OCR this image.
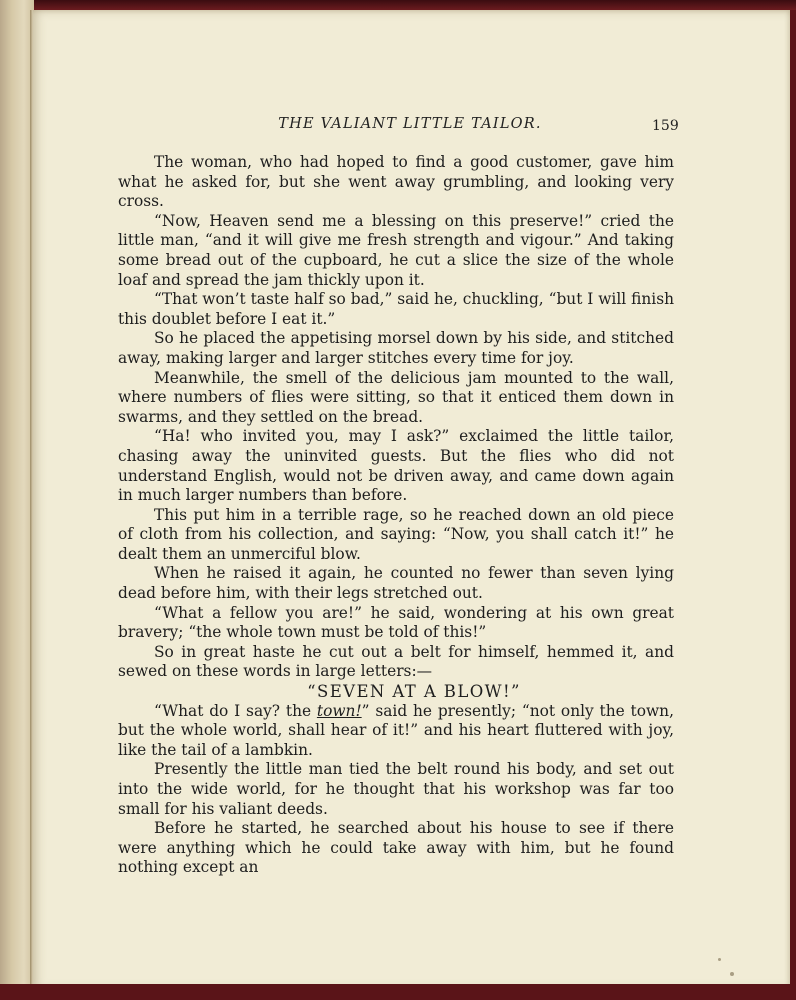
THE VALIANT LITTLE TAILOR.	159

The woman, who had hoped to find a good customer, gave him what he asked for, but she went away grumbling, and looking very cross.

“Now, Heaven send me a blessing on this preserve!” cried the little man, “and it will give me fresh strength and vigour.” And taking some bread out of the cupboard, he cut a slice the size of the whole loaf and spread the jam thickly upon it.

“That won’t taste half so bad,” said he, chuckling, “but I will finish this doublet before I eat it.”

So he placed the appetising morsel down by his side, and stitched away, making larger and larger stitches every time for joy.

Meanwhile, the smell of the delicious jam mounted to the wall, where numbers of flies were sitting, so that it enticed them down in swarms, and they settled on the bread.

“Ha! who invited you, may I ask?” exclaimed the little tailor, chasing away the uninvited guests. But the flies who did not understand English, would not be driven away, and came down again in much larger numbers than before.

This put him in a terrible rage, so he reached down an old piece of cloth from his collection, and saying: “Now, you shall catch it!” he dealt them an unmerciful blow.

When he raised it again, he counted no fewer than seven lying dead before him, with their legs stretched out.

“What a fellow you are!” he said, wondering at his own great bravery; “the whole town must be told of this!”

So in great haste he cut out a belt for himself, hemmed it, and sewed on these words in large letters:—

“SEVEN AT A BLOW!”

“What do I say? the town!” said he presently; “not only the town, but the whole world, shall hear of it!” and his heart fluttered with joy, like the tail of a lambkin.

Presently the little man tied the belt round his body, and set out into the wide world, for he thought that his workshop was far too small for his valiant deeds.

Before he started, he searched about his house to see if there were anything which he could take away with him, but he found nothing except an
